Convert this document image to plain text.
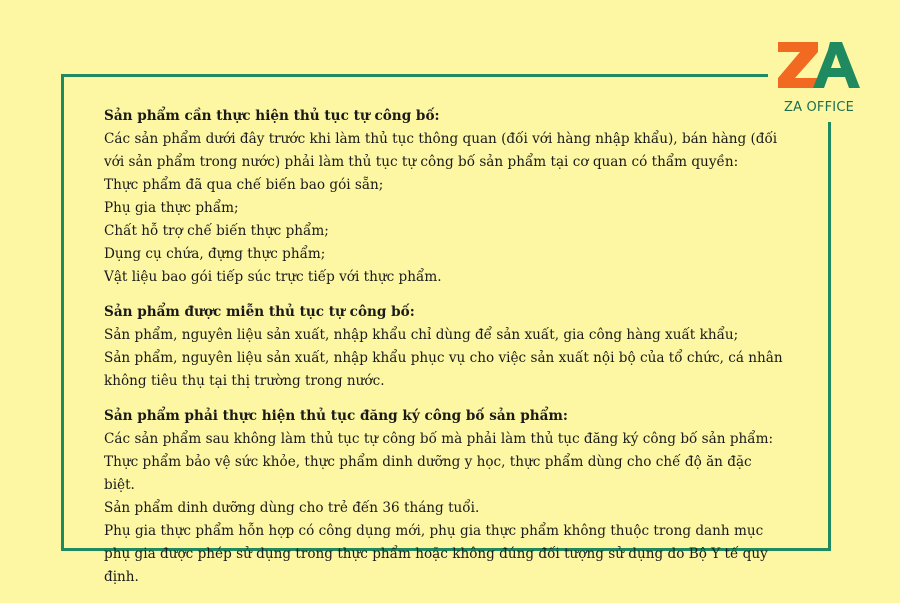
ZA OFFICE

Sản phẩm cần thực hiện thủ tục tự công bố:

Các sản phẩm dưới đây trước khi làm thủ tục thông quan (đối với hàng nhập khẩu), bán hàng (đối với sản phẩm trong nước) phải làm thủ tục tự công bố sản phẩm tại cơ quan có thẩm quyền:

Thực phẩm đã qua chế biến bao gói sẵn;

Phụ gia thực phẩm;

Chất hỗ trợ chế biến thực phẩm;

Dụng cụ chứa, đựng thực phẩm;

Vật liệu bao gói tiếp súc trực tiếp với thực phẩm.

Sản phẩm được miễn thủ tục tự công bố:

Sản phẩm, nguyên liệu sản xuất, nhập khẩu chỉ dùng để sản xuất, gia công hàng xuất khẩu;

Sản phẩm, nguyên liệu sản xuất, nhập khẩu phục vụ cho việc sản xuất nội bộ của tổ chức, cá nhân không tiêu thụ tại thị trường trong nước.

Sản phẩm phải thực hiện thủ tục đăng ký công bố sản phẩm:

Các sản phẩm sau không làm thủ tục tự công bố mà phải làm thủ tục đăng ký công bố sản phẩm:

Thực phẩm bảo vệ sức khỏe, thực phẩm dinh dưỡng y học, thực phẩm dùng cho chế độ ăn đặc biệt.

Sản phẩm dinh dưỡng dùng cho trẻ đến 36 tháng tuổi.

Phụ gia thực phẩm hỗn hợp có công dụng mới, phụ gia thực phẩm không thuộc trong danh mục phụ gia được phép sử dụng trong thực phẩm hoặc không đúng đối tượng sử dụng do Bộ Y tế quy định.
